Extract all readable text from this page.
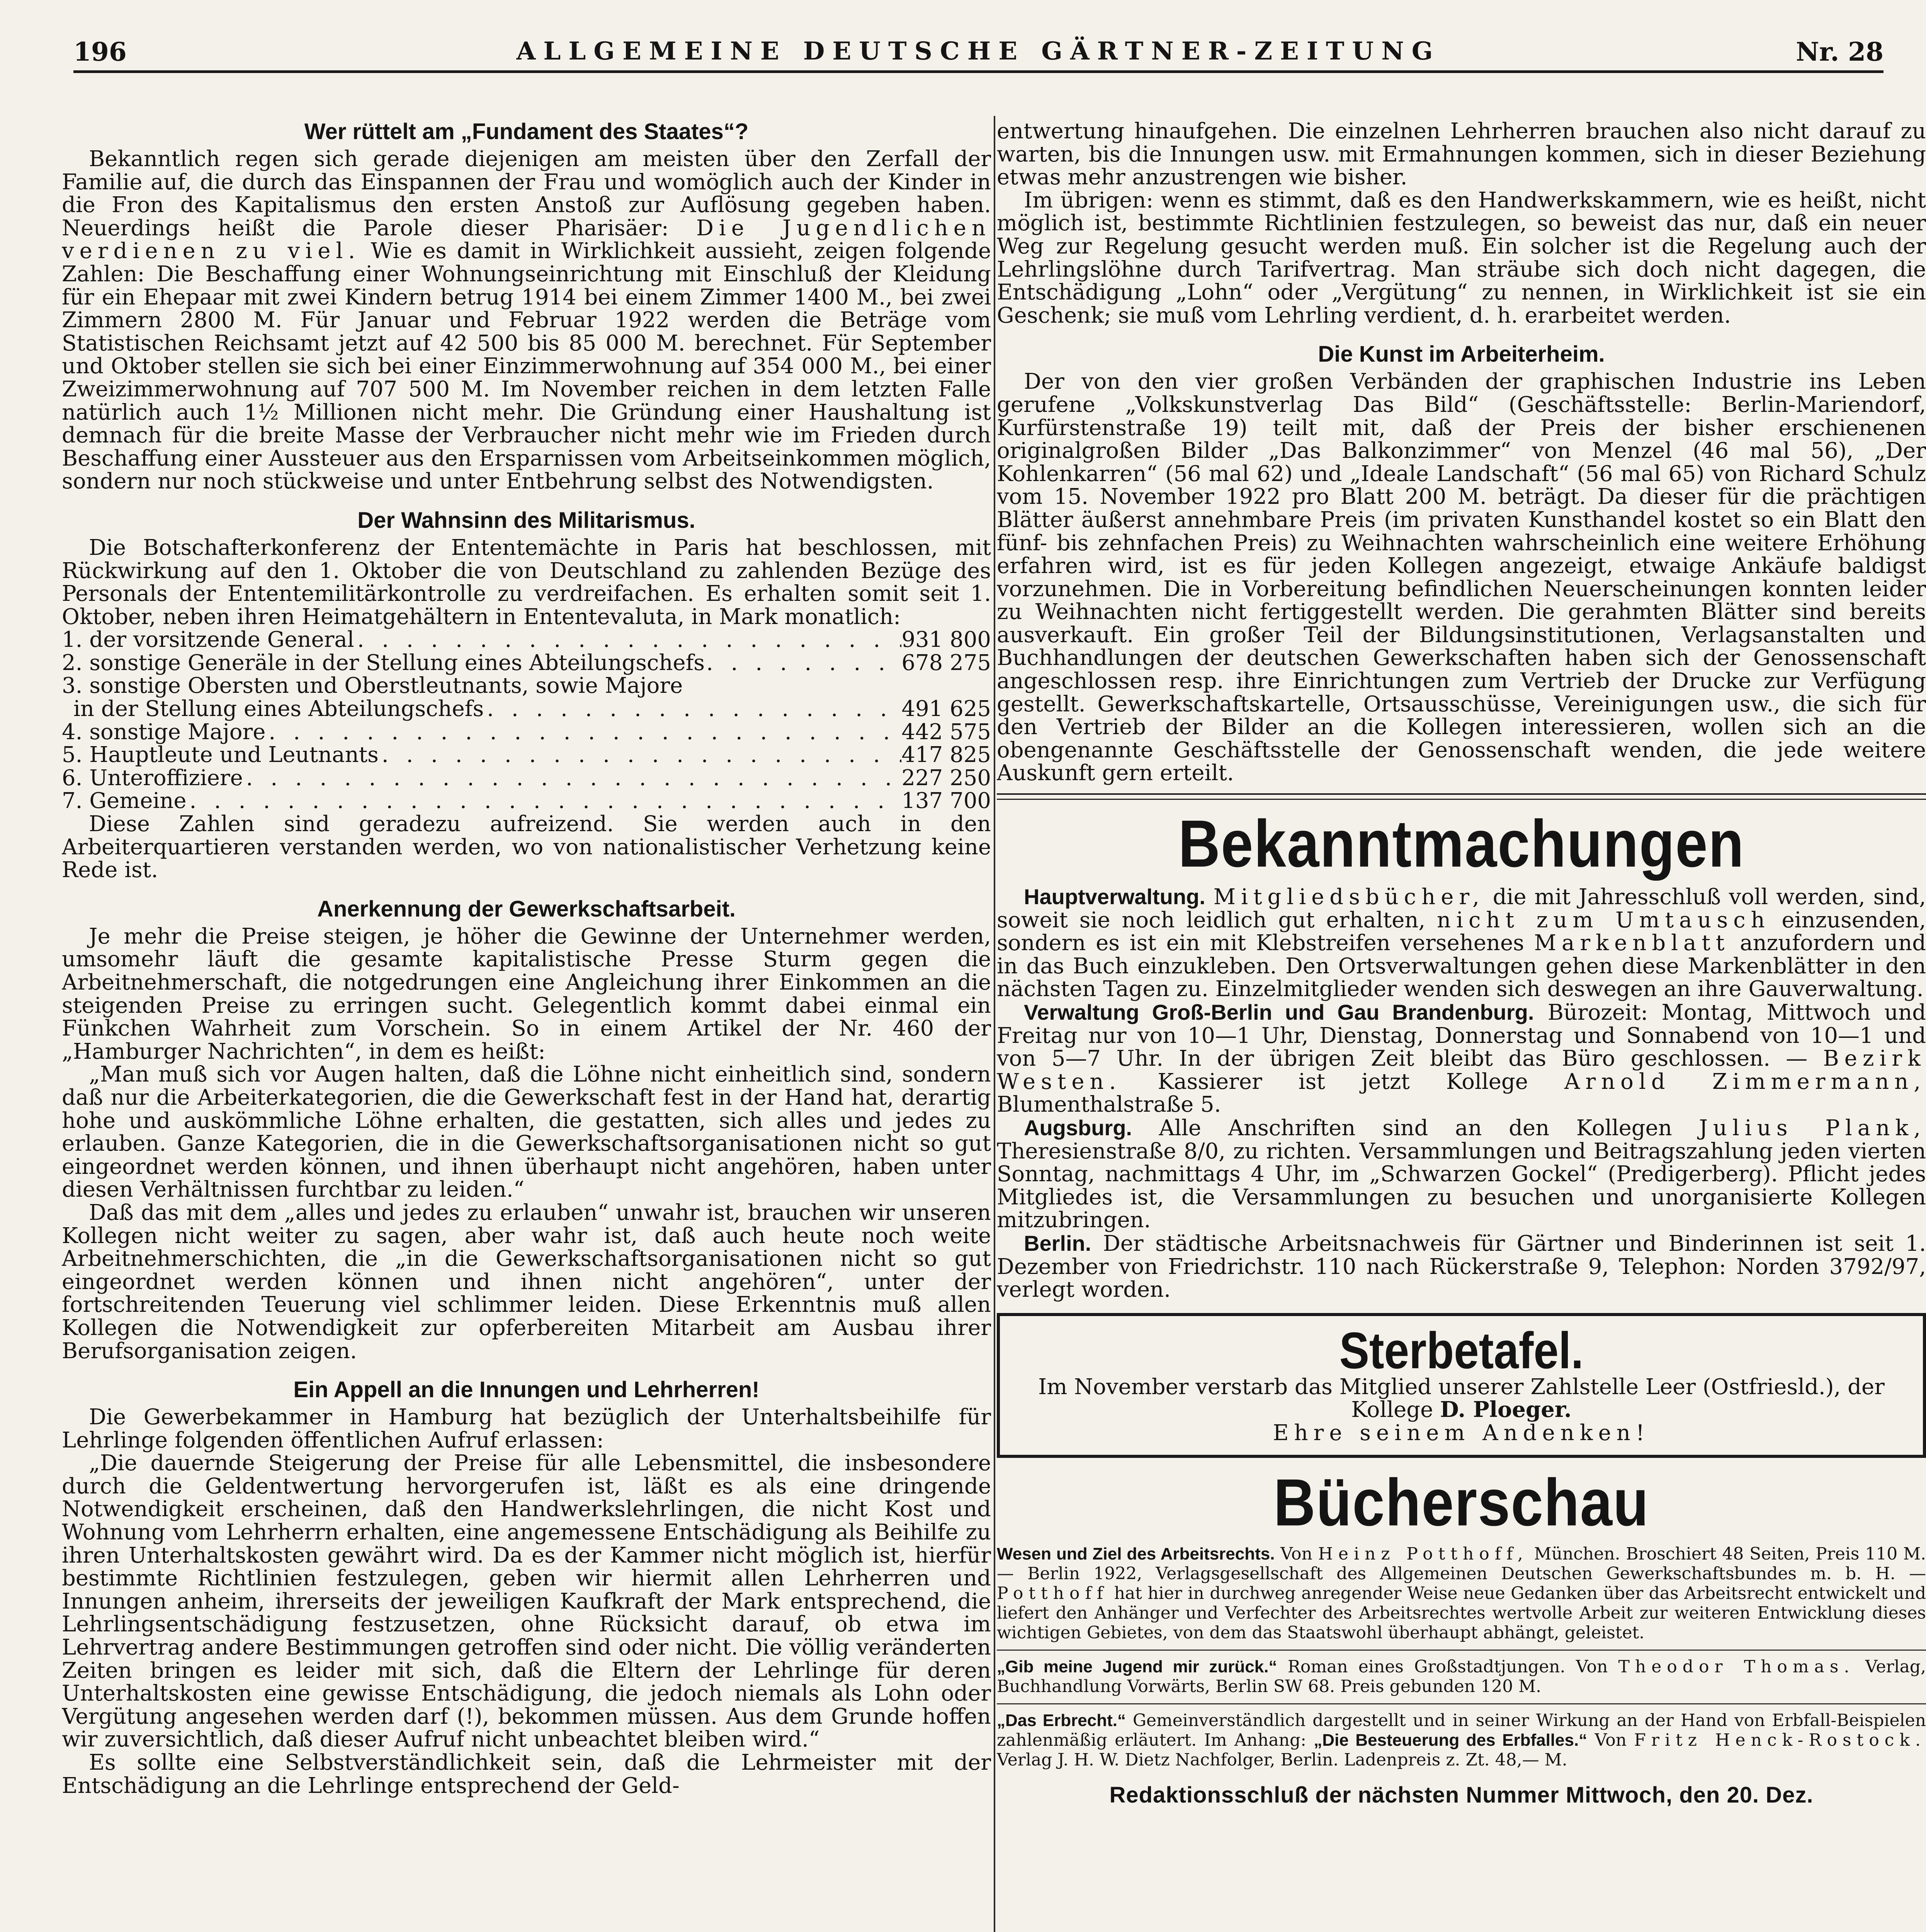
196	ALLGEMEINE DEUTSCHE GÄRTNER-ZEITUNG	Nr. 28
Wer rüttelt am „Fundament des Staates“?

Bekanntlich regen sich gerade diejenigen am meisten über den Zerfall der Familie auf, die durch das Einspannen der Frau und womöglich auch der Kinder in die Fron des Kapitalismus den ersten Anstoß zur Auflösung gegeben haben. Neuerdings heißt die Parole dieser Pharisäer: Die Jugendlichen verdienen zu viel. Wie es damit in Wirklichkeit aussieht, zeigen folgende Zahlen: Die Beschaffung einer Wohnungseinrichtung mit Einschluß der Kleidung für ein Ehepaar mit zwei Kindern betrug 1914 bei einem Zimmer 1400 M., bei zwei Zimmern 2800 M. Für Januar und Februar 1922 werden die Beträge vom Statistischen Reichsamt jetzt auf 42 500 bis 85 000 M. berechnet. Für September und Oktober stellen sie sich bei einer Einzimmerwohnung auf 354 000 M., bei einer Zweizimmerwohnung auf 707 500 M. Im November reichen in dem letzten Falle natürlich auch 1½ Millionen nicht mehr. Die Gründung einer Haushaltung ist demnach für die breite Masse der Verbraucher nicht mehr wie im Frieden durch Beschaffung einer Aussteuer aus den Ersparnissen vom Arbeitseinkommen möglich, sondern nur noch stückweise und unter Entbehrung selbst des Notwendigsten.

Der Wahnsinn des Militarismus.

Die Botschafterkonferenz der Ententemächte in Paris hat beschlossen, mit Rückwirkung auf den 1. Oktober die von Deutschland zu zahlenden Bezüge des Personals der Ententemilitärkontrolle zu verdreifachen. Es erhalten somit seit 1. Oktober, neben ihren Heimatgehältern in Ententevaluta, in Mark monatlich:

1. der vorsitzende General . . .	931 800
2. sonstige Generäle in der Stellung eines Abteilungschefs . . .	678 275
3. sonstige Obersten und Oberstleutnants, sowie Majore
in der Stellung eines Abteilungschefs . . .	491 625
4. sonstige Majore . . .	442 575
5. Hauptleute und Leutnants . . .	417 825
6. Unteroffiziere . . .	227 250
7. Gemeine . . .	137 700

Diese Zahlen sind geradezu aufreizend. Sie werden auch in den Arbeiterquartieren verstanden werden, wo von nationalistischer Verhetzung keine Rede ist.

Anerkennung der Gewerkschaftsarbeit.

Je mehr die Preise steigen, je höher die Gewinne der Unternehmer werden, umsomehr läuft die gesamte kapitalistische Presse Sturm gegen die Arbeitnehmerschaft, die notgedrungen eine Angleichung ihrer Einkommen an die steigenden Preise zu erringen sucht. Gelegentlich kommt dabei einmal ein Fünkchen Wahrheit zum Vorschein. So in einem Artikel der Nr. 460 der „Hamburger Nachrichten“, in dem es heißt:

„Man muß sich vor Augen halten, daß die Löhne nicht einheitlich sind, sondern daß nur die Arbeiterkategorien, die die Gewerkschaft fest in der Hand hat, derartig hohe und auskömmliche Löhne erhalten, die gestatten, sich alles und jedes zu erlauben. Ganze Kategorien, die in die Gewerkschaftsorganisationen nicht so gut eingeordnet werden können, und ihnen überhaupt nicht angehören, haben unter diesen Verhältnissen furchtbar zu leiden.“

Daß das mit dem „alles und jedes zu erlauben“ unwahr ist, brauchen wir unseren Kollegen nicht weiter zu sagen, aber wahr ist, daß auch heute noch weite Arbeitnehmerschichten, die „in die Gewerkschaftsorganisationen nicht so gut eingeordnet werden können und ihnen nicht angehören“, unter der fortschreitenden Teuerung viel schlimmer leiden. Diese Erkenntnis muß allen Kollegen die Notwendigkeit zur opferbereiten Mitarbeit am Ausbau ihrer Berufsorganisation zeigen.

Ein Appell an die Innungen und Lehrherren!

Die Gewerbekammer in Hamburg hat bezüglich der Unterhaltsbeihilfe für Lehrlinge folgenden öffentlichen Aufruf erlassen:

„Die dauernde Steigerung der Preise für alle Lebensmittel, die insbesondere durch die Geldentwertung hervorgerufen ist, läßt es als eine dringende Notwendigkeit erscheinen, daß den Handwerkslehrlingen, die nicht Kost und Wohnung vom Lehrherrn erhalten, eine angemessene Entschädigung als Beihilfe zu ihren Unterhaltskosten gewährt wird. Da es der Kammer nicht möglich ist, hierfür bestimmte Richtlinien festzulegen, geben wir hiermit allen Lehrherren und Innungen anheim, ihrerseits der jeweiligen Kaufkraft der Mark entsprechend, die Lehrlingsentschädigung festzusetzen, ohne Rücksicht darauf, ob etwa im Lehrvertrag andere Bestimmungen getroffen sind oder nicht. Die völlig veränderten Zeiten bringen es leider mit sich, daß die Eltern der Lehrlinge für deren Unterhaltskosten eine gewisse Entschädigung, die jedoch niemals als Lohn oder Vergütung angesehen werden darf (!), bekommen müssen. Aus dem Grunde hoffen wir zuversichtlich, daß dieser Aufruf nicht unbeachtet bleiben wird.“

Es sollte eine Selbstverständlichkeit sein, daß die Lehrmeister mit der Entschädigung an die Lehrlinge entsprechend der Geld-

entwertung hinaufgehen. Die einzelnen Lehrherren brauchen also nicht darauf zu warten, bis die Innungen usw. mit Ermahnungen kommen, sich in dieser Beziehung etwas mehr anzustrengen wie bisher.

Im übrigen: wenn es stimmt, daß es den Handwerkskammern, wie es heißt, nicht möglich ist, bestimmte Richtlinien festzulegen, so beweist das nur, daß ein neuer Weg zur Regelung gesucht werden muß. Ein solcher ist die Regelung auch der Lehrlingslöhne durch Tarifvertrag. Man sträube sich doch nicht dagegen, die Entschädigung „Lohn“ oder „Vergütung“ zu nennen, in Wirklichkeit ist sie ein Geschenk; sie muß vom Lehrling verdient, d. h. erarbeitet werden.

Die Kunst im Arbeiterheim.

Der von den vier großen Verbänden der graphischen Industrie ins Leben gerufene „Volkskunstverlag Das Bild“ (Geschäftsstelle: Berlin-Mariendorf, Kurfürstenstraße 19) teilt mit, daß der Preis der bisher erschienenen originalgroßen Bilder „Das Balkonzimmer“ von Menzel (46 mal 56), „Der Kohlenkarren“ (56 mal 62) und „Ideale Landschaft“ (56 mal 65) von Richard Schulz vom 15. November 1922 pro Blatt 200 M. beträgt. Da dieser für die prächtigen Blätter äußerst annehmbare Preis (im privaten Kunsthandel kostet so ein Blatt den fünf- bis zehnfachen Preis) zu Weihnachten wahrscheinlich eine weitere Erhöhung erfahren wird, ist es für jeden Kollegen angezeigt, etwaige Ankäufe baldigst vorzunehmen. Die in Vorbereitung befindlichen Neuerscheinungen konnten leider zu Weihnachten nicht fertiggestellt werden. Die gerahmten Blätter sind bereits ausverkauft. Ein großer Teil der Bildungsinstitutionen, Verlagsanstalten und Buchhandlungen der deutschen Gewerkschaften haben sich der Genossenschaft angeschlossen resp. ihre Einrichtungen zum Vertrieb der Drucke zur Verfügung gestellt. Gewerkschaftskartelle, Ortsausschüsse, Vereinigungen usw., die sich für den Vertrieb der Bilder an die Kollegen interessieren, wollen sich an die obengenannte Geschäftsstelle der Genossenschaft wenden, die jede weitere Auskunft gern erteilt.

Bekanntmachungen

Hauptverwaltung. Mitgliedsbücher, die mit Jahresschluß voll werden, sind, soweit sie noch leidlich gut erhalten, nicht zum Umtausch einzusenden, sondern es ist ein mit Klebstreifen versehenes Markenblatt anzufordern und in das Buch einzukleben. Den Ortsverwaltungen gehen diese Markenblätter in den nächsten Tagen zu. Einzelmitglieder wenden sich deswegen an ihre Gauverwaltung.

Verwaltung Groß-Berlin und Gau Brandenburg. Bürozeit: Montag, Mittwoch und Freitag nur von 10—1 Uhr, Dienstag, Donnerstag und Sonnabend von 10—1 und von 5—7 Uhr. In der übrigen Zeit bleibt das Büro geschlossen. — Bezirk Westen. Kassierer ist jetzt Kollege Arnold Zimmermann, Blumenthalstraße 5.

Augsburg. Alle Anschriften sind an den Kollegen Julius Plank, Theresienstraße 8/0, zu richten. Versammlungen und Beitragszahlung jeden vierten Sonntag, nachmittags 4 Uhr, im „Schwarzen Gockel“ (Predigerberg). Pflicht jedes Mitgliedes ist, die Versammlungen zu besuchen und unorganisierte Kollegen mitzubringen.

Berlin. Der städtische Arbeitsnachweis für Gärtner und Binderinnen ist seit 1. Dezember von Friedrichstr. 110 nach Rückerstraße 9, Telephon: Norden 3792/97, verlegt worden.

Sterbetafel.
Im November verstarb das Mitglied unserer Zahlstelle Leer (Ostfriesld.), der Kollege D. Ploeger.
Ehre seinem Andenken!
Bücherschau

Wesen und Ziel des Arbeitsrechts. Von Heinz Potthoff, München. Broschiert 48 Seiten, Preis 110 M. — Berlin 1922, Verlagsgesellschaft des Allgemeinen Deutschen Gewerkschaftsbundes m. b. H. — Potthoff hat hier in durchweg anregender Weise neue Gedanken über das Arbeitsrecht entwickelt und liefert den Anhänger und Verfechter des Arbeitsrechtes wertvolle Arbeit zur weiteren Entwicklung dieses wichtigen Gebietes, von dem das Staatswohl überhaupt abhängt, geleistet.

„Gib meine Jugend mir zurück.“ Roman eines Großstadtjungen. Von Theodor Thomas. Verlag, Buchhandlung Vorwärts, Berlin SW 68. Preis gebunden 120 M.

„Das Erbrecht.“ Gemeinverständlich dargestellt und in seiner Wirkung an der Hand von Erbfall-Beispielen zahlenmäßig erläutert. Im Anhang: „Die Besteuerung des Erbfalles.“ Von Fritz Henck-Rostock. Verlag J. H. W. Dietz Nachfolger, Berlin. Ladenpreis z. Zt. 48,— M.

Redaktionsschluß der nächsten Nummer Mittwoch, den 20. Dez.
